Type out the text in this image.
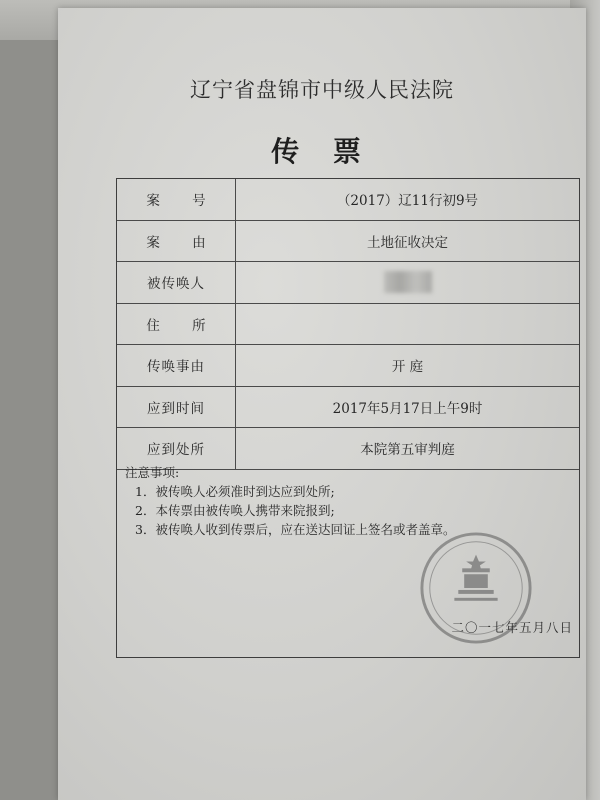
辽宁省盘锦市中级人民法院
传 票
案 号	（2017）辽11行初9号
案 由	土地征收决定
被传唤人	
住 所	
传唤事由	开 庭
应到时间	2017年5月17日上午9时
应到处所	本院第五审判庭
注意事项:
1．被传唤人必须准时到达应到处所;
2．本传票由被传唤人携带来院报到;
3．被传唤人收到传票后，应在送达回证上签名或者盖章。
二〇一七年五月八日
